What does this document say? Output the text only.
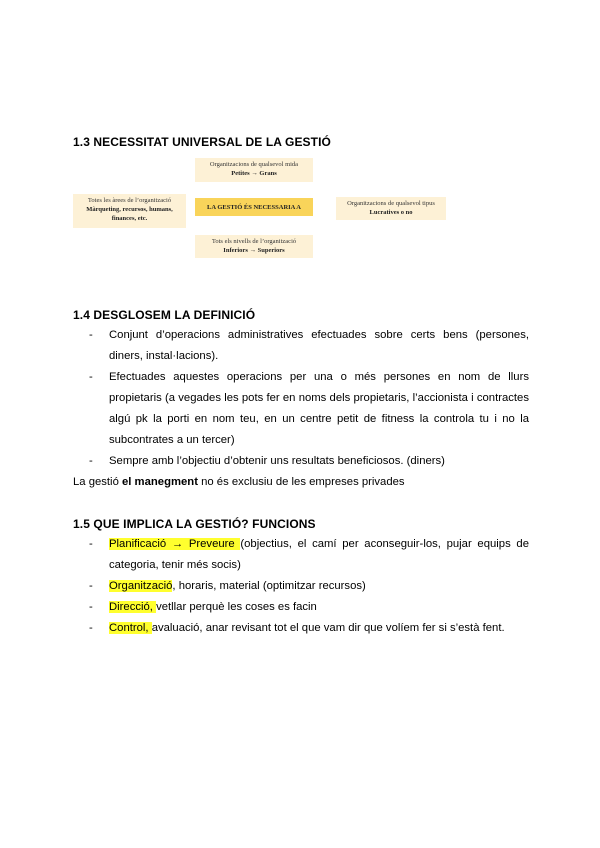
1.3 NECESSITAT UNIVERSAL DE LA GESTIÓ
Organitzacions de qualsevol mida
Petites → Grans
Totes les àrees de l’organització
Màrqueting, recursos, humans,
finances, etc.
LA GESTIÓ ÉS NECESSARIA A	Organitzacions de qualsevol tipus
Lucratives o no
Tots els nivells de l’organització
Inferiors → Superiors
1.4 DESGLOSEM LA DEFINICIÓ
- Conjunt d’operacions administratives efectuades sobre certs bens (persones, diners, instal·lacions).
- Efectuades aquestes operacions per una o més persones en nom de llurs propietaris (a vegades les pots fer en noms dels propietaris, l’accionista i contractes algú pk la porti en nom teu, en un centre petit de fitness la controla tu i no la subcontrates a un tercer)
- Sempre amb l’objectiu d’obtenir uns resultats beneficiosos. (diners)
La gestió el manegment no és exclusiu de les empreses privades
1.5 QUE IMPLICA LA GESTIÓ? FUNCIONS
- Planificació → Preveure (objectius, el camí per aconseguir-los, pujar equips de categoria, tenir més socis)
- Organització, horaris, material (optimitzar recursos)
- Direcció, vetllar perquè les coses es facin
- Control, avaluació, anar revisant tot el que vam dir que volíem fer si s’està fent.
